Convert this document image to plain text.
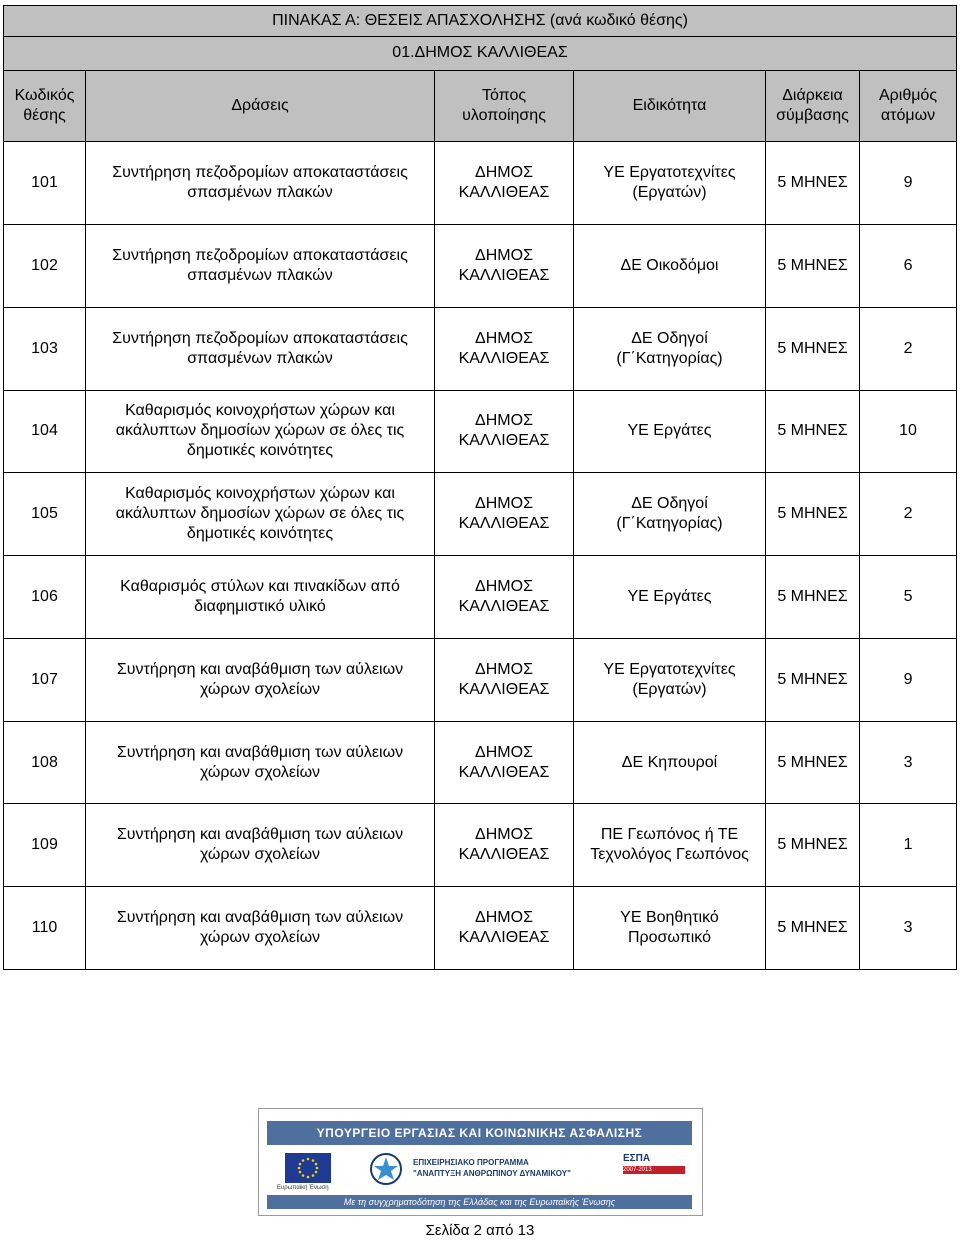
ΠΙΝΑΚΑΣ Α: ΘΕΣΕΙΣ ΑΠΑΣΧΟΛΗΣΗΣ (ανά κωδικό θέσης)					
01.ΔΗΜΟΣ ΚΑΛΛΙΘΕΑΣ					
Κωδικός θέσης	Δράσεις	Τόπος υλοποίησης	Ειδικότητα	Διάρκεια σύμβασης	Αριθμός ατόμων
101	Συντήρηση πεζοδρομίων αποκαταστάσεις σπασμένων πλακών	ΔΗΜΟΣ ΚΑΛΛΙΘΕΑΣ	ΥΕ Εργατοτεχνίτες (Εργατών)	5 ΜΗΝΕΣ	9
102	Συντήρηση πεζοδρομίων αποκαταστάσεις σπασμένων πλακών	ΔΗΜΟΣ ΚΑΛΛΙΘΕΑΣ	ΔΕ Οικοδόμοι	5 ΜΗΝΕΣ	6
103	Συντήρηση πεζοδρομίων αποκαταστάσεις σπασμένων πλακών	ΔΗΜΟΣ ΚΑΛΛΙΘΕΑΣ	ΔΕ Οδηγοί (Γ΄Κατηγορίας)	5 ΜΗΝΕΣ	2
104	Καθαρισμός κοινοχρήστων χώρων και ακάλυπτων δημοσίων χώρων σε όλες τις δημοτικές κοινότητες	ΔΗΜΟΣ ΚΑΛΛΙΘΕΑΣ	ΥΕ Εργάτες	5 ΜΗΝΕΣ	10
105	Καθαρισμός κοινοχρήστων χώρων και ακάλυπτων δημοσίων χώρων σε όλες τις δημοτικές κοινότητες	ΔΗΜΟΣ ΚΑΛΛΙΘΕΑΣ	ΔΕ Οδηγοί (Γ΄Κατηγορίας)	5 ΜΗΝΕΣ	2
106	Καθαρισμός στύλων και πινακίδων από διαφημιστικό υλικό	ΔΗΜΟΣ ΚΑΛΛΙΘΕΑΣ	ΥΕ Εργάτες	5 ΜΗΝΕΣ	5
107	Συντήρηση και αναβάθμιση των αύλειων χώρων σχολείων	ΔΗΜΟΣ ΚΑΛΛΙΘΕΑΣ	ΥΕ Εργατοτεχνίτες (Εργατών)	5 ΜΗΝΕΣ	9
108	Συντήρηση και αναβάθμιση των αύλειων χώρων σχολείων	ΔΗΜΟΣ ΚΑΛΛΙΘΕΑΣ	ΔΕ Κηπουροί	5 ΜΗΝΕΣ	3
109	Συντήρηση και αναβάθμιση των αύλειων χώρων σχολείων	ΔΗΜΟΣ ΚΑΛΛΙΘΕΑΣ	ΠΕ Γεωπόνος ή ΤΕ Τεχνολόγος Γεωπόνος	5 ΜΗΝΕΣ	1
110	Συντήρηση και αναβάθμιση των αύλειων χώρων σχολείων	ΔΗΜΟΣ ΚΑΛΛΙΘΕΑΣ	ΥΕ Βοηθητικό Προσωπικό	5 ΜΗΝΕΣ	3
ΥΠΟΥΡΓΕΙΟ ΕΡΓΑΣΙΑΣ ΚΑΙ ΚΟΙΝΩΝΙΚΗΣ ΑΣΦΑΛΙΣΗΣ
Ευρωπαϊκή Ένωση
ΕΠΙΧΕΙΡΗΣΙΑΚΟ ΠΡΟΓΡΑΜΜΑ
"ΑΝΑΠΤΥΞΗ ΑΝΘΡΩΠΙΝΟΥ ΔΥΝΑΜΙΚΟΥ"
ΕΣΠΑ
2007-2013
Με τη συγχρηματοδότηση της Ελλάδας και της Ευρωπαϊκής Ένωσης
Σελίδα 2 από 13
